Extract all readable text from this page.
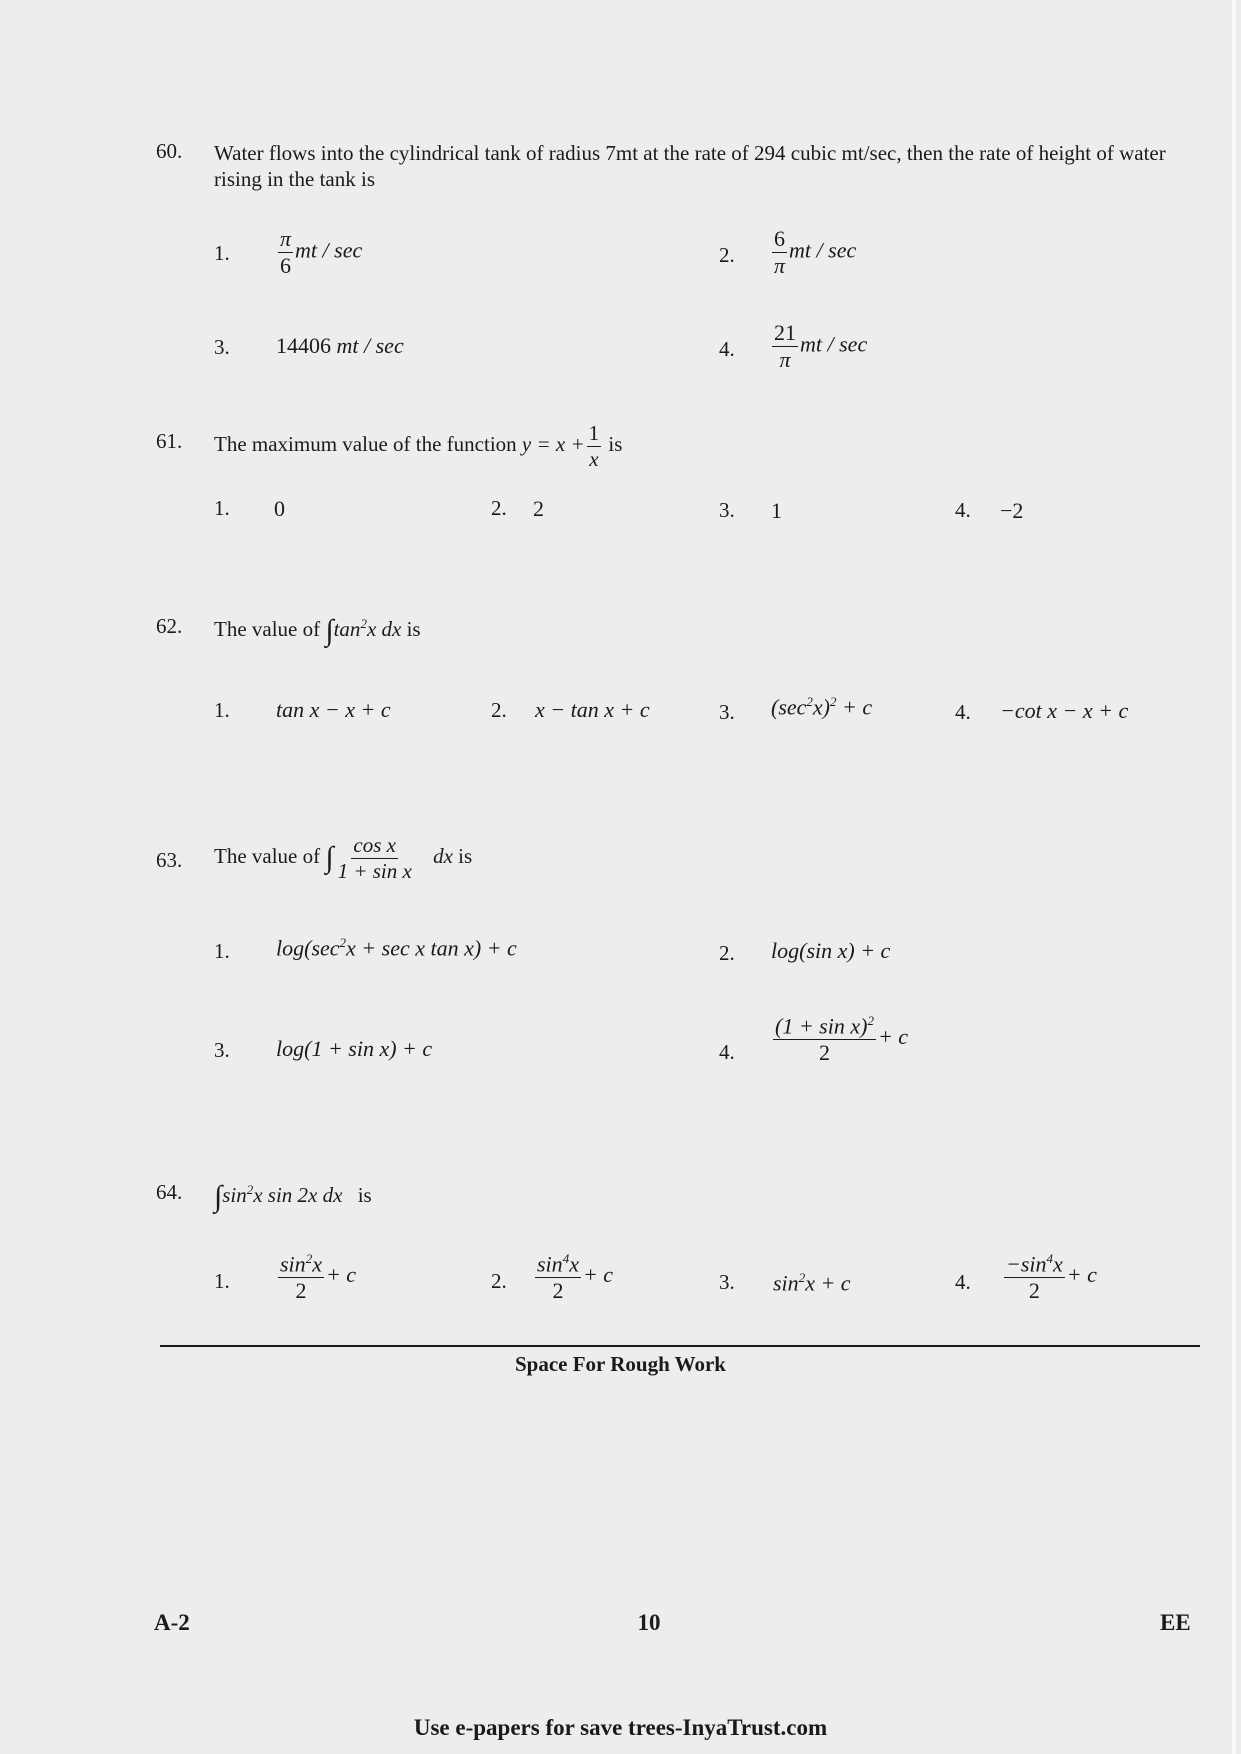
60. Water flows into the cylindrical tank of radius 7mt at the rate of 294 cubic mt/sec, then the rate of height of water rising in the tank is
1. $\frac{\pi}{6}$ mt / sec	2. $\frac{6}{\pi}$ mt / sec
3. 14406 mt / sec	4. $\frac{21}{\pi}$ mt / sec
61. The maximum value of the function $y = x + \frac{1}{x}$ is
1. 0	2. 2	3. 1	4. −2
62. The value of $\int\tan^2x$ dx is
1. tan x − x + c	2. x − tan x + c	3. $(\sec^2x)^2 + c$	4. −cot x − x + c
63. The value of ∫ $\frac{\text{cos x}}{\text{1 + sin x}}$ dx is
1. $\log(\sec^2x + \sec x$ tan x) + c	2. log(sin x) + c
3. log(1 + sin x) + c	4. $\frac{(1 + \sin x)^2}{2} + c$
64. $\int\sin^2x$ sin 2x dx is
1. $\frac{\sin^2x}{2} + c$	2. $\frac{\sin^4x}{2} + c$	3. $\sin^2x + c$	4. $\frac{-\sin^4x}{2} + c$
Space For Rough Work
A-2	10	EE
Use e-papers for save trees-InyaTrust.com
